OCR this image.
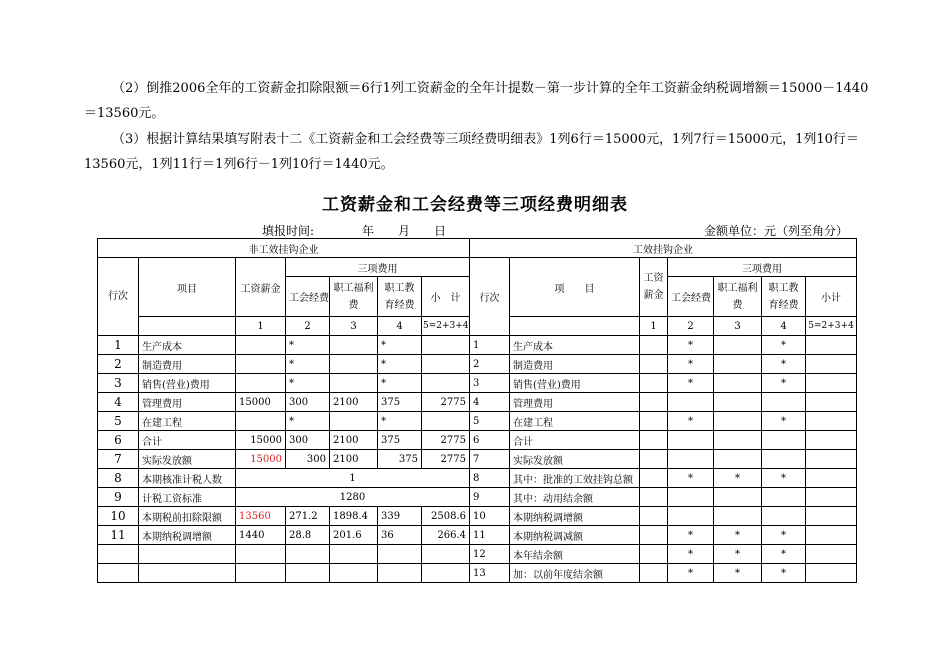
（2）倒推2006全年的工资薪金扣除限额＝6行1列工资薪金的全年计提数－第一步计算的全年工资薪金纳税调增额＝15000－1440＝13560元。
（3）根据计算结果填写附表十二《工资薪金和工会经费等三项经费明细表》1列6行＝15000元，1列7行＝15000元，1列10行＝13560元，1列11行＝1列6行－1列10行＝1440元。
工资薪金和工会经费等三项经费明细表
填报时间:　　　　年　　月　　日	金额单位：元（列至角分）
非工效挂钩企业							工效挂钩企业						
行次	项目	工资薪金	三项费用				行次	项　　目	工资薪金	三项费用			
			工会经费	职工福利费	职工教育经费	小　计				工会经费	职工福利费	职工教育经费	小计
		1	2	3	4	5=2+3+4			1	2	3	4	5=2+3+4
1	生产成本		*		*		1	生产成本		*		*	
2	制造费用		*		*		2	制造费用		*		*	
3	销售(营业)费用		*		*		3	销售(营业)费用		*		*	
4	管理费用	15000	300	2100	375	2775	4	管理费用					
5	在建工程		*		*		5	在建工程		*		*	
6	合计	15000	300	2100	375	2775	6	合计					
7	实际发放额	15000	300	2100	375	2775	7	实际发放额					
8	本期核准计税人数	1					8	其中：批准的工效挂钩总额		*	*	*	
9	计税工资标准	1280					9	其中：动用结余额					
10	本期税前扣除限额	13560	271.2	1898.4	339	2508.6	10	本期纳税调增额					
11	本期纳税调增额	1440	28.8	201.6	36	266.4	11	本期纳税调减额		*	*	*	
							12	本年结余额		*	*	*	
							13	加：以前年度结余额		*	*	*	
